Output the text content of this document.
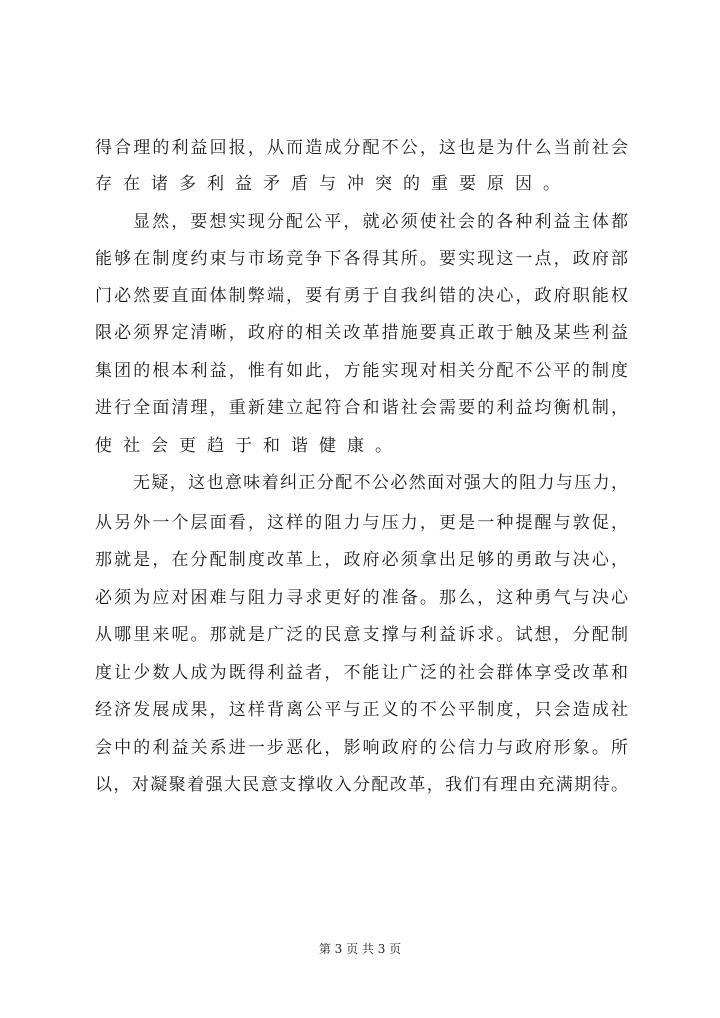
得合理的利益回报，从而造成分配不公，这也是为什么当前社会
存在诸多利益矛盾与冲突的重要原因。
显然，要想实现分配公平，就必须使社会的各种利益主体都
能够在制度约束与市场竞争下各得其所。要实现这一点，政府部
门必然要直面体制弊端，要有勇于自我纠错的决心，政府职能权
限必须界定清晰，政府的相关改革措施要真正敢于触及某些利益
集团的根本利益，惟有如此，方能实现对相关分配不公平的制度
进行全面清理，重新建立起符合和谐社会需要的利益均衡机制，
使社会更趋于和谐健康。
无疑，这也意味着纠正分配不公必然面对强大的阻力与压力，
从另外一个层面看，这样的阻力与压力，更是一种提醒与敦促，
那就是，在分配制度改革上，政府必须拿出足够的勇敢与决心，
必须为应对困难与阻力寻求更好的准备。那么，这种勇气与决心
从哪里来呢。那就是广泛的民意支撑与利益诉求。试想，分配制
度让少数人成为既得利益者，不能让广泛的社会群体享受改革和
经济发展成果，这样背离公平与正义的不公平制度，只会造成社
会中的利益关系进一步恶化，影响政府的公信力与政府形象。所
以，对凝聚着强大民意支撑收入分配改革，我们有理由充满期待。
第 3 页 共 3 页
